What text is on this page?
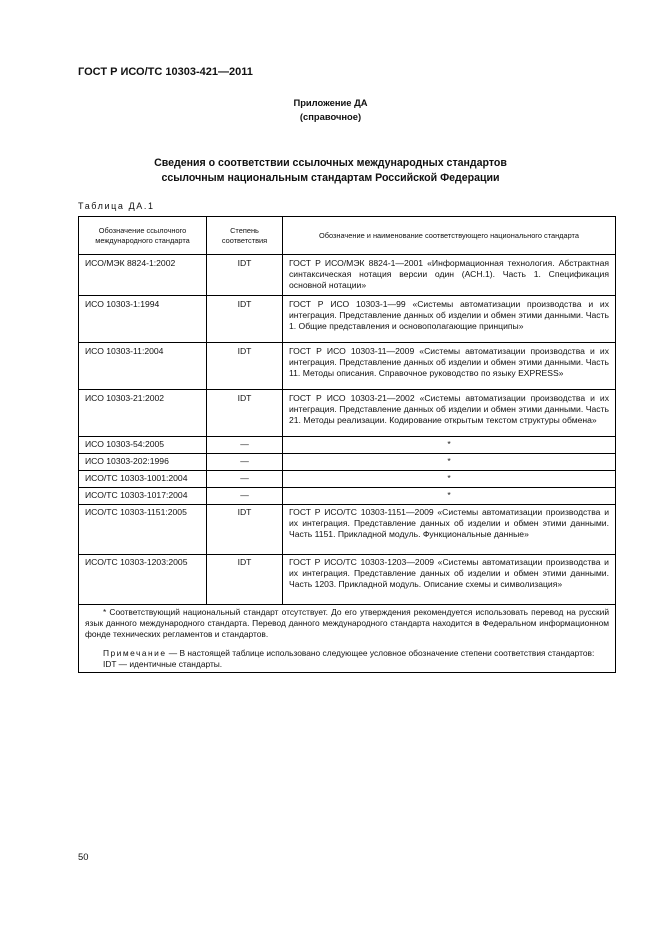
ГОСТ Р ИСО/ТС 10303-421—2011
Приложение ДА
(справочное)
Сведения о соответствии ссылочных международных стандартов
ссылочным национальным стандартам Российской Федерации
Таблица ДА.1
Обозначение ссылочного международного стандарта	Степень соответствия	Обозначение и наименование соответствующего национального стандарта
ИСО/МЭК 8824-1:2002	IDT	ГОСТ Р ИСО/МЭК 8824-1—2001 «Информационная технология. Абстрактная синтаксическая нотация версии один (АСН.1). Часть 1. Спецификация основной нотации»
ИСО 10303-1:1994	IDT	ГОСТ Р ИСО 10303-1—99 «Системы автоматизации производства и их интеграция. Представление данных об изделии и обмен этими данными. Часть 1. Общие представления и основополагающие принципы»
ИСО 10303-11:2004	IDT	ГОСТ Р ИСО 10303-11—2009 «Системы автоматизации производства и их интеграция. Представление данных об изделии и обмен этими данными. Часть 11. Методы описания. Справочное руководство по языку EXPRESS»
ИСО 10303-21:2002	IDT	ГОСТ Р ИСО 10303-21—2002 «Системы автоматизации производства и их интеграция. Представление данных об изделии и обмен этими данными. Часть 21. Методы реализации. Кодирование открытым текстом структуры обмена»
ИСО 10303-54:2005	—	*
ИСО 10303-202:1996	—	*
ИСО/ТС 10303-1001:2004	—	*
ИСО/ТС 10303-1017:2004	—	*
ИСО/ТС 10303-1151:2005	IDT	ГОСТ Р ИСО/ТС 10303-1151—2009 «Системы автоматизации производства и их интеграция. Представление данных об изделии и обмен этими данными. Часть 1151. Прикладной модуль. Функциональные данные»
ИСО/ТС 10303-1203:2005	IDT	ГОСТ Р ИСО/ТС 10303-1203—2009 «Системы автоматизации производства и их интеграция. Представление данных об изделии и обмен этими данными. Часть 1203. Прикладной модуль. Описание схемы и символизация»

* Соответствующий национальный стандарт отсутствует. До его утверждения рекомендуется использовать перевод на русский язык данного международного стандарта. Перевод данного международного стандарта находится в Федеральном информационном фонде технических регламентов и стандартов.

Примечание — В настоящей таблице использовано следующее условное обозначение степени соответствия стандартов:

IDT — идентичные стандарты.		

50
